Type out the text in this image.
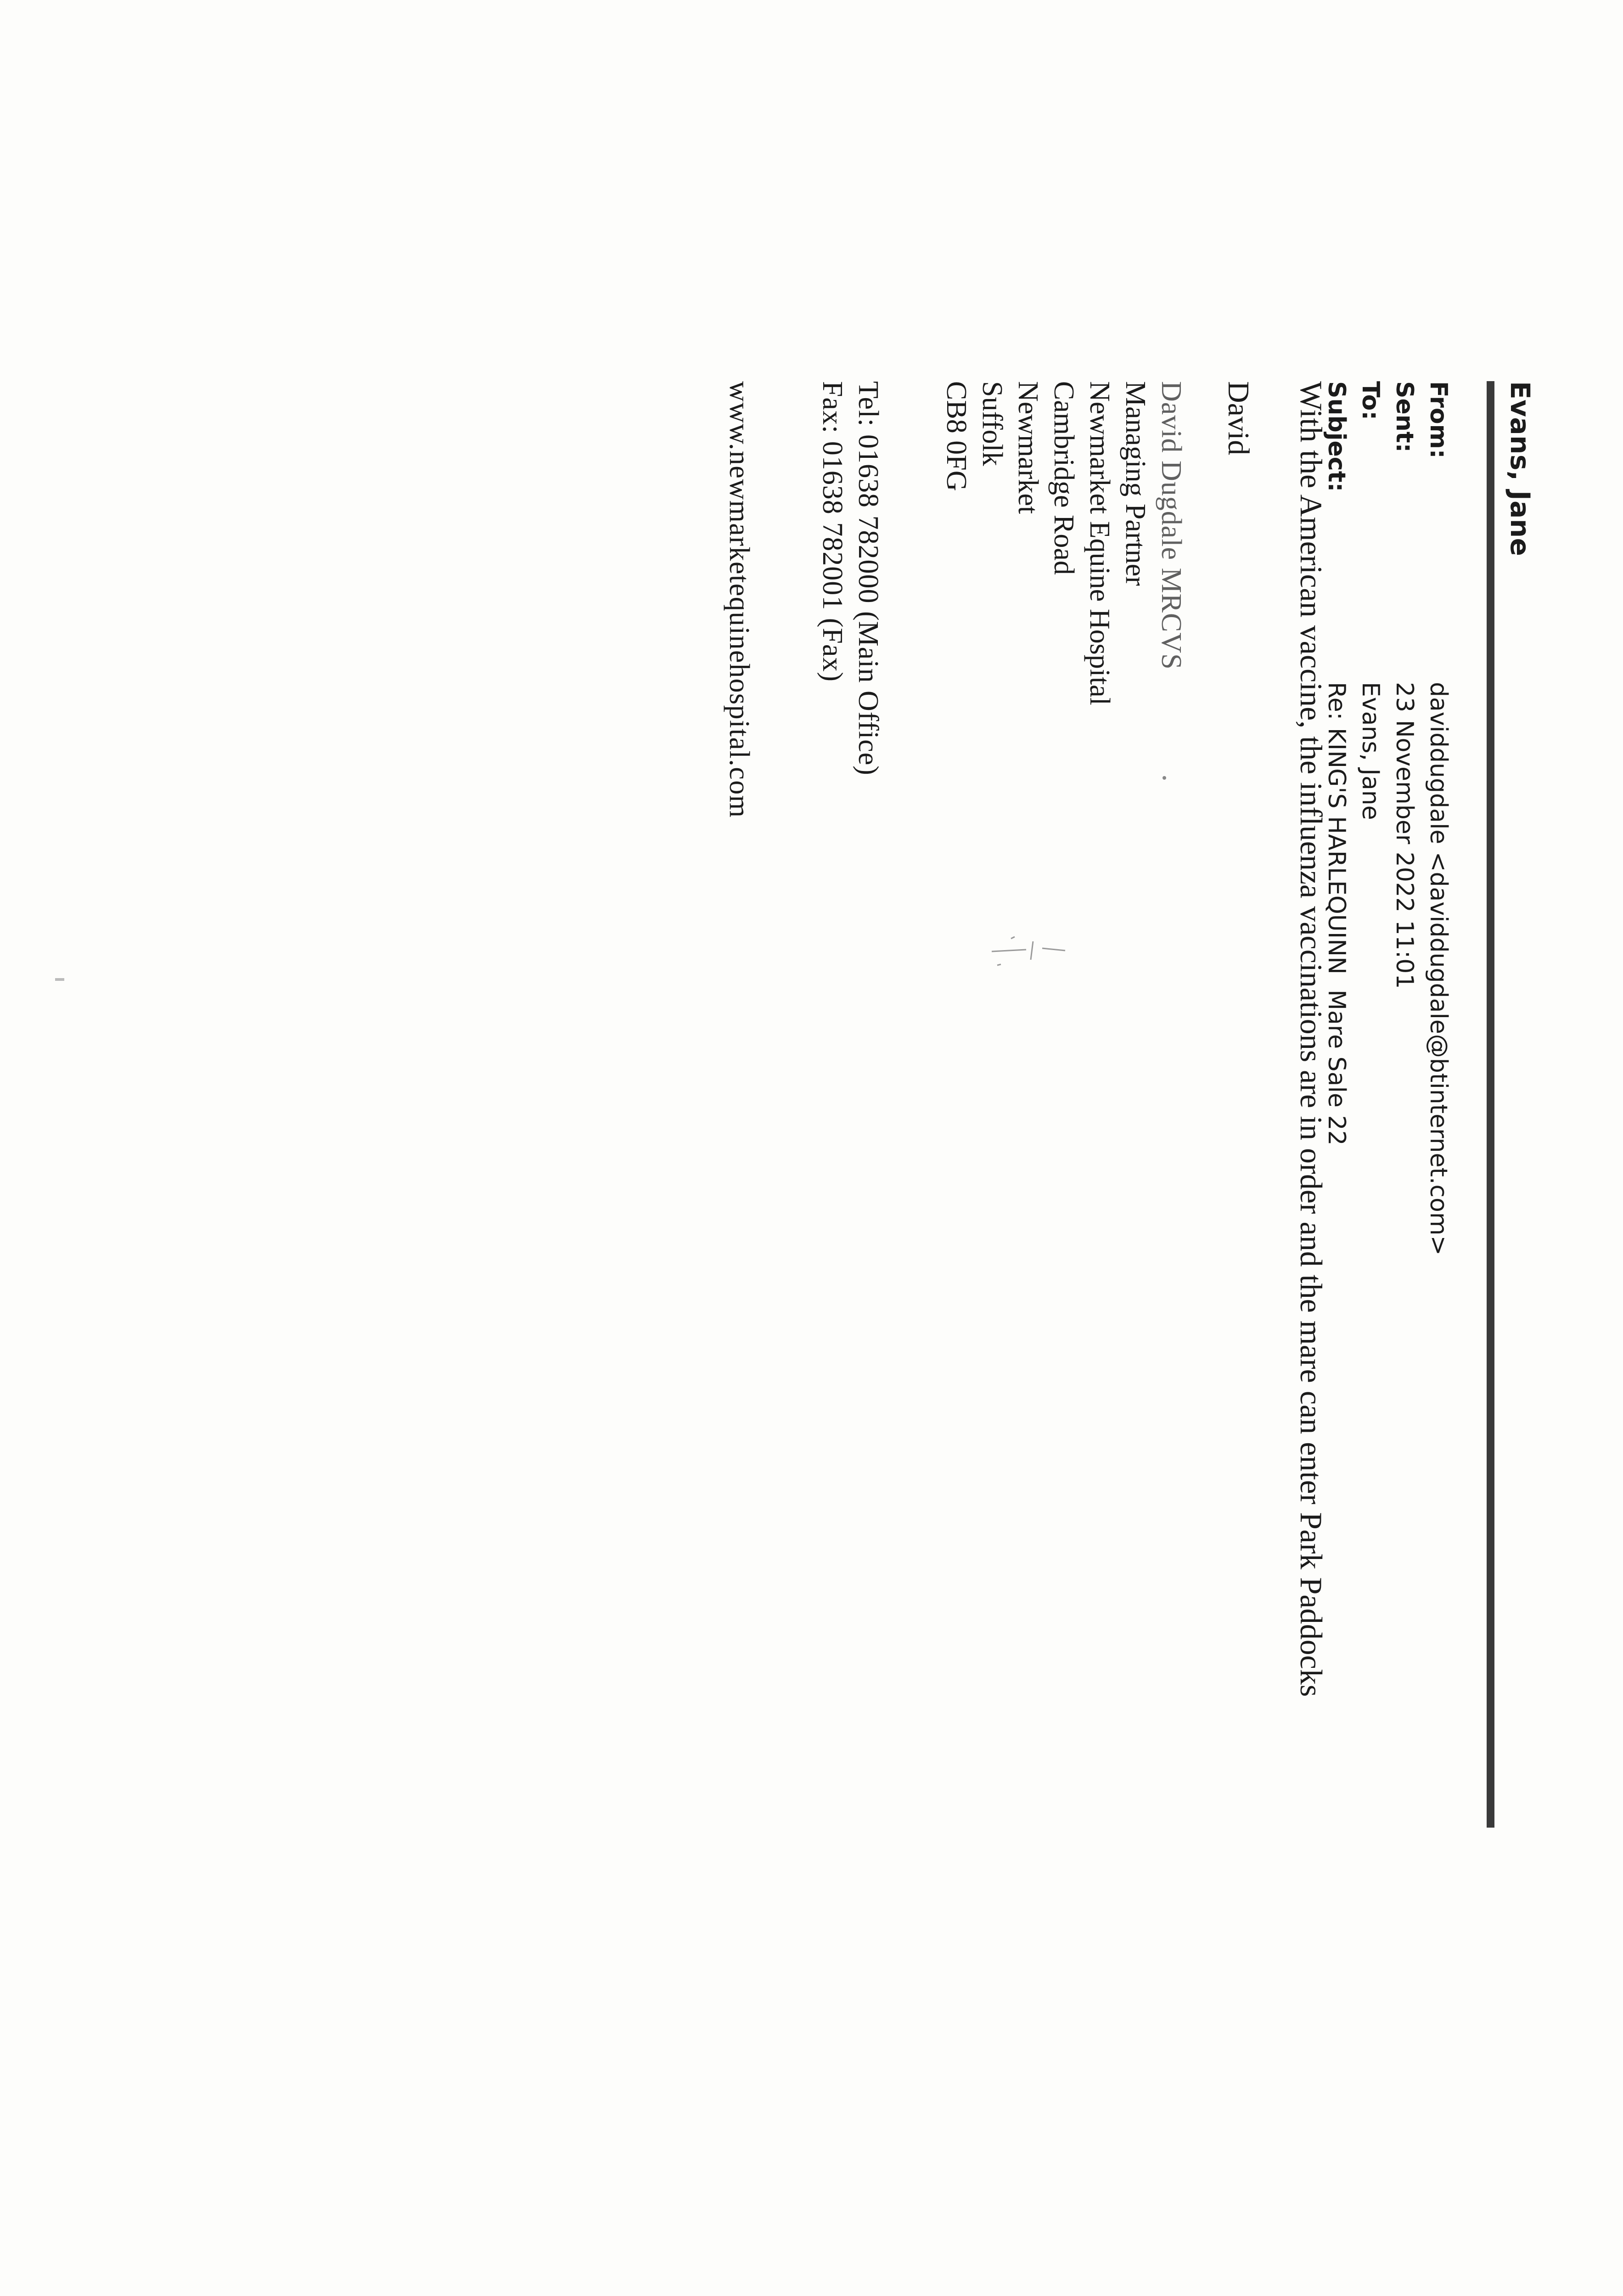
Evans, Jane
From:
daviddugdale <daviddugdale@btinternet.com>
Sent:
23 November 2022 11:01
To:
Evans, Jane
Subject:
Re: KING'S HARLEQUINN  Mare Sale 22
With the American vaccine, the influenza vaccinations are in order and the mare can enter Park Paddocks
David
David Dugdale MRCVS
Managing Partner
Newmarket Equine Hospital
Cambridge Road
Newmarket
Suffolk
CB8 0FG
Tel: 01638 782000 (Main Office)
Fax: 01638 782001 (Fax)
www.newmarketequinehospital.com
